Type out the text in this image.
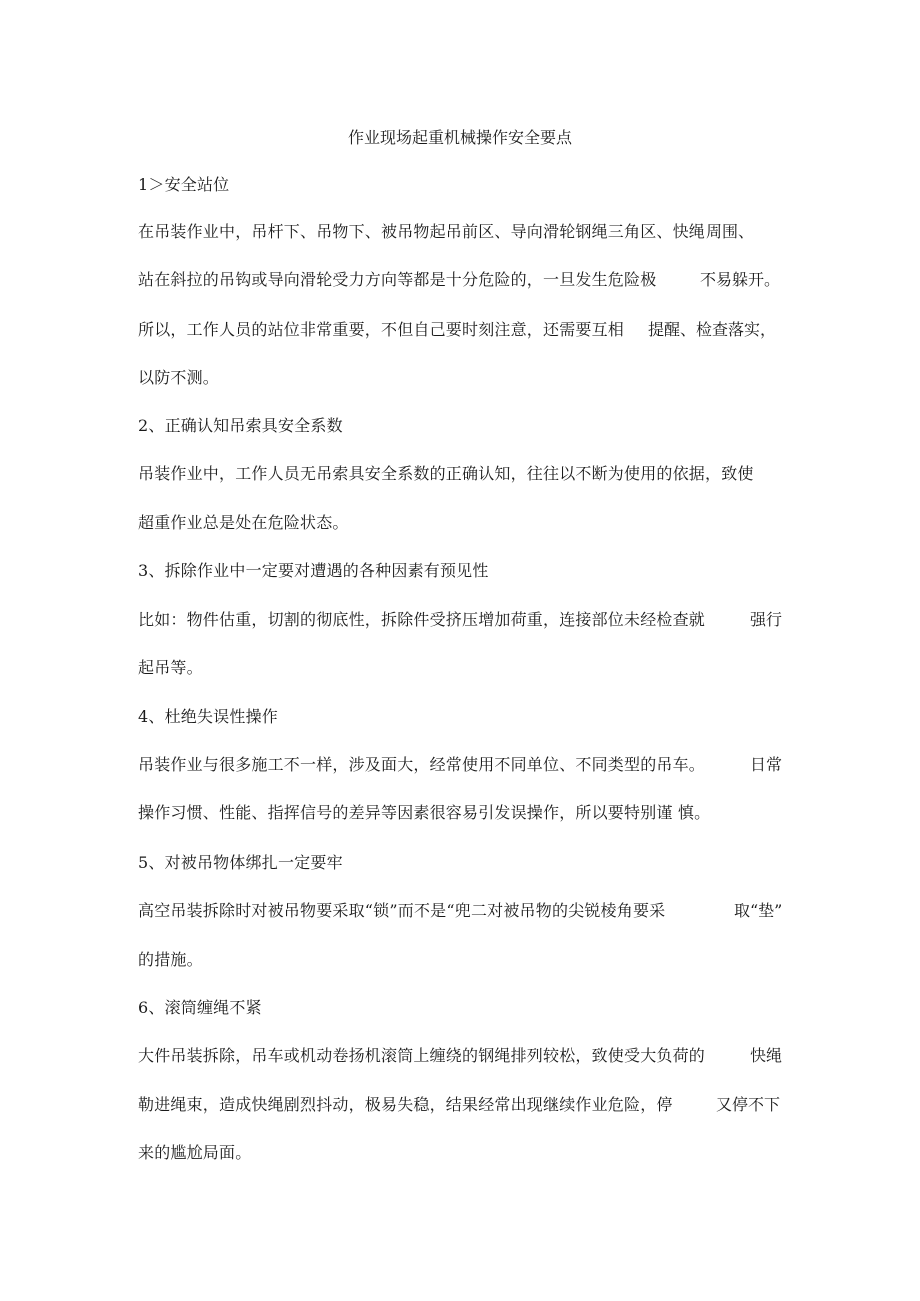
作业现场起重机械操作安全要点
1＞安全站位
在吊装作业中，吊杆下、吊物下、被吊物起吊前区、导向滑轮钢绳三角区、快绳 周围、
站在斜拉的吊钩或导向滑轮受力方向等都是十分危险的，一旦发生危险极	不易躲开。
所以，工作人员的站位非常重要，不但自己要时刻注意，还需要互相 提醒、检查落实，
以防不测。
2、正确认知吊索具安全系数
吊装作业中，工作人员无吊索具安全系数的正确认知，往往以不断为使用的依据，致使
超重作业总是处在危险状态。
3、拆除作业中一定要对遭遇的各种因素有预见性
比如：物件估重，切割的彻底性，拆除件受挤压增加荷重，连接部位未经检查就	强行
起吊等。
4、杜绝失误性操作
吊装作业与很多施工不一样，涉及面大，经常使用不同单位、不同类型的吊车。	日常
操作习惯、性能、指挥信号的差异等因素很容易引发误操作，所以要特别谨 慎。
5、对被吊物体绑扎一定要牢
高空吊装拆除时对被吊物要采取“锁”而不是“兜二对被吊物的尖锐棱角要采	取“垫”
的措施。
6、滚筒缠绳不紧
大件吊装拆除，吊车或机动卷扬机滚筒上缠绕的钢绳排列较松，致使受大负荷的	快绳
勒进绳束，造成快绳剧烈抖动，极易失稳，结果经常出现继续作业危险，停	又停不下
来的尴尬局面。
